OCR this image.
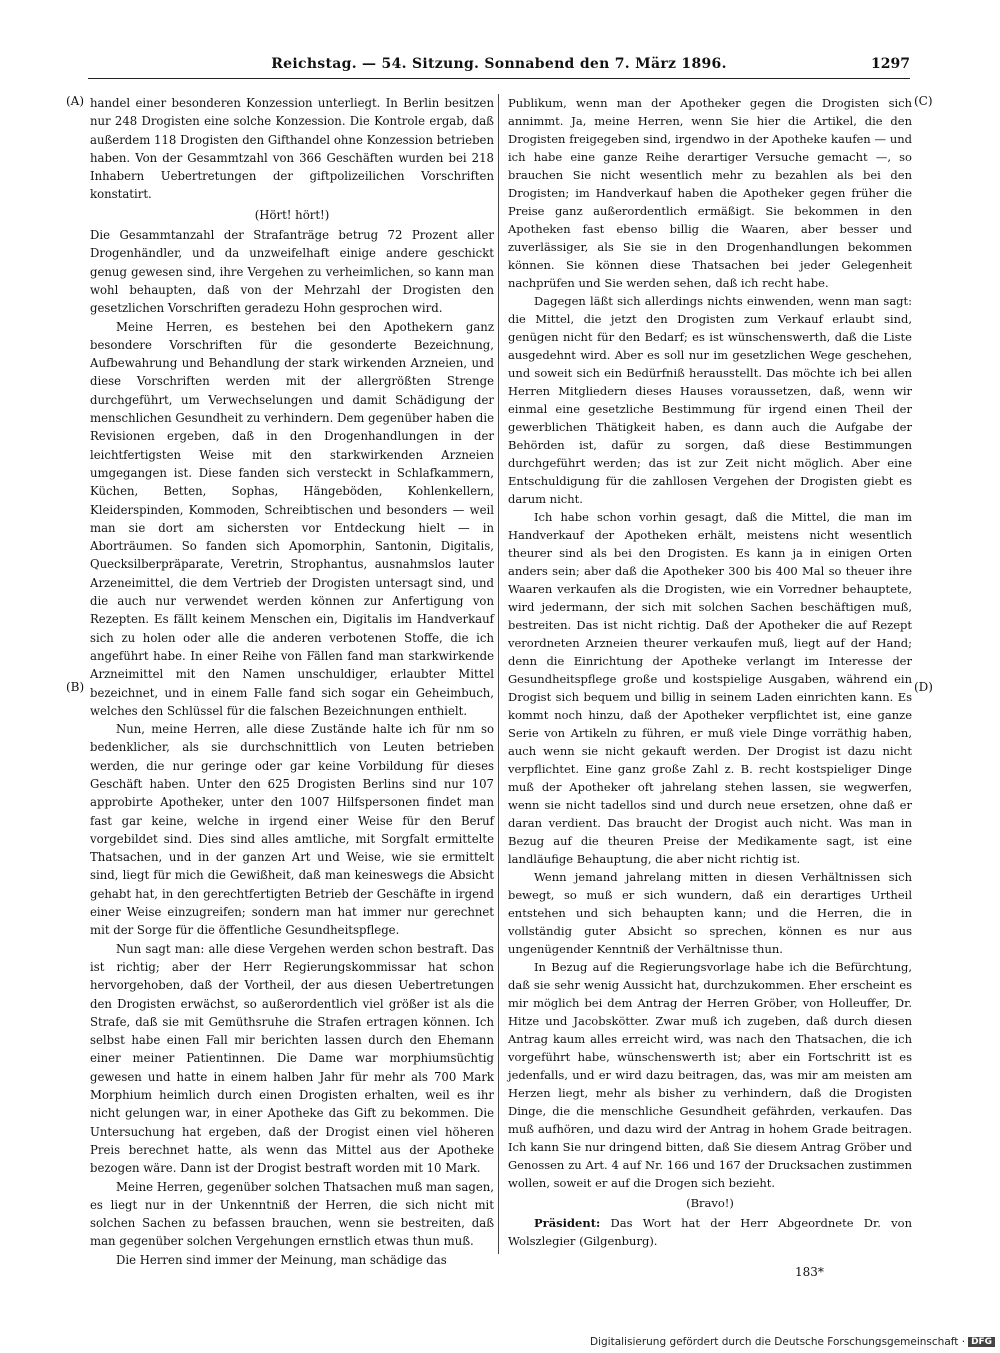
Reichstag. — 54. Sitzung. Sonnabend den 7. März 1896.	1297
(A)
(B)
(C)
(D)

handel einer besonderen Konzession unterliegt. In Berlin besitzen nur 248 Drogisten eine solche Konzession. Die Kontrole ergab, daß außerdem 118 Drogisten den Gifthandel ohne Konzession betrieben haben. Von der Gesammtzahl von 366 Geschäften wurden bei 218 Inhabern Uebertretungen der giftpolizeilichen Vorschriften konstatirt.

(Hört! hört!)

Die Gesammtanzahl der Strafanträge betrug 72 Prozent aller Drogenhändler, und da unzweifelhaft einige andere geschickt genug gewesen sind, ihre Vergehen zu verheimlichen, so kann man wohl behaupten, daß von der Mehrzahl der Drogisten den gesetzlichen Vorschriften geradezu Hohn gesprochen wird.

Meine Herren, es bestehen bei den Apothekern ganz besondere Vorschriften für die gesonderte Bezeichnung, Aufbewahrung und Behandlung der stark wirkenden Arzneien, und diese Vorschriften werden mit der allergrößten Strenge durchgeführt, um Verwechselungen und damit Schädigung der menschlichen Gesundheit zu verhindern. Dem gegenüber haben die Revisionen ergeben, daß in den Drogenhandlungen in der leichtfertigsten Weise mit den starkwirkenden Arzneien umgegangen ist. Diese fanden sich versteckt in Schlafkammern, Küchen, Betten, Sophas, Hängeböden, Kohlenkellern, Kleiderspinden, Kommoden, Schreibtischen und besonders — weil man sie dort am sichersten vor Entdeckung hielt — in Aborträumen. So fanden sich Apomorphin, Santonin, Digitalis, Quecksilberpräparate, Veretrin, Strophantus, ausnahmslos lauter Arzeneimittel, die dem Vertrieb der Drogisten untersagt sind, und die auch nur verwendet werden können zur Anfertigung von Rezepten. Es fällt keinem Menschen ein, Digitalis im Handverkauf sich zu holen oder alle die anderen verbotenen Stoffe, die ich angeführt habe. In einer Reihe von Fällen fand man starkwirkende Arzneimittel mit den Namen unschuldiger, erlaubter Mittel bezeichnet, und in einem Falle fand sich sogar ein Geheimbuch, welches den Schlüssel für die falschen Bezeichnungen enthielt.

Nun, meine Herren, alle diese Zustände halte ich für nm so bedenklicher, als sie durchschnittlich von Leuten betrieben werden, die nur geringe oder gar keine Vorbildung für dieses Geschäft haben. Unter den 625 Drogisten Berlins sind nur 107 approbirte Apotheker, unter den 1007 Hilfspersonen findet man fast gar keine, welche in irgend einer Weise für den Beruf vorgebildet sind. Dies sind alles amtliche, mit Sorgfalt ermittelte Thatsachen, und in der ganzen Art und Weise, wie sie ermittelt sind, liegt für mich die Gewißheit, daß man keineswegs die Absicht gehabt hat, in den gerechtfertigten Betrieb der Geschäfte in irgend einer Weise einzugreifen; sondern man hat immer nur gerechnet mit der Sorge für die öffentliche Gesundheitspflege.

Nun sagt man: alle diese Vergehen werden schon bestraft. Das ist richtig; aber der Herr Regierungskommissar hat schon hervorgehoben, daß der Vortheil, der aus diesen Uebertretungen den Drogisten erwächst, so außerordentlich viel größer ist als die Strafe, daß sie mit Gemüthsruhe die Strafen ertragen können. Ich selbst habe einen Fall mir berichten lassen durch den Ehemann einer meiner Patientinnen. Die Dame war morphiumsüchtig gewesen und hatte in einem halben Jahr für mehr als 700 Mark Morphium heimlich durch einen Drogisten erhalten, weil es ihr nicht gelungen war, in einer Apotheke das Gift zu bekommen. Die Untersuchung hat ergeben, daß der Drogist einen viel höheren Preis berechnet hatte, als wenn das Mittel aus der Apotheke bezogen wäre. Dann ist der Drogist bestraft worden mit 10 Mark.

Meine Herren, gegenüber solchen Thatsachen muß man sagen, es liegt nur in der Unkenntniß der Herren, die sich nicht mit solchen Sachen zu befassen brauchen, wenn sie bestreiten, daß man gegenüber solchen Vergehungen ernstlich etwas thun muß.

Die Herren sind immer der Meinung, man schädige das

Publikum, wenn man der Apotheker gegen die Drogisten sich annimmt. Ja, meine Herren, wenn Sie hier die Artikel, die den Drogisten freigegeben sind, irgendwo in der Apotheke kaufen — und ich habe eine ganze Reihe derartiger Versuche gemacht —, so brauchen Sie nicht wesentlich mehr zu bezahlen als bei den Drogisten; im Handverkauf haben die Apotheker gegen früher die Preise ganz außerordentlich ermäßigt. Sie bekommen in den Apotheken fast ebenso billig die Waaren, aber besser und zuverlässiger, als Sie sie in den Drogenhandlungen bekommen können. Sie können diese Thatsachen bei jeder Gelegenheit nachprüfen und Sie werden sehen, daß ich recht habe.

Dagegen läßt sich allerdings nichts einwenden, wenn man sagt: die Mittel, die jetzt den Drogisten zum Verkauf erlaubt sind, genügen nicht für den Bedarf; es ist wünschenswerth, daß die Liste ausgedehnt wird. Aber es soll nur im gesetzlichen Wege geschehen, und soweit sich ein Bedürfniß herausstellt. Das möchte ich bei allen Herren Mitgliedern dieses Hauses voraussetzen, daß, wenn wir einmal eine gesetzliche Bestimmung für irgend einen Theil der gewerblichen Thätigkeit haben, es dann auch die Aufgabe der Behörden ist, dafür zu sorgen, daß diese Bestimmungen durchgeführt werden; das ist zur Zeit nicht möglich. Aber eine Entschuldigung für die zahllosen Vergehen der Drogisten giebt es darum nicht.

Ich habe schon vorhin gesagt, daß die Mittel, die man im Handverkauf der Apotheken erhält, meistens nicht wesentlich theurer sind als bei den Drogisten. Es kann ja in einigen Orten anders sein; aber daß die Apotheker 300 bis 400 Mal so theuer ihre Waaren verkaufen als die Drogisten, wie ein Vorredner behauptete, wird jedermann, der sich mit solchen Sachen beschäftigen muß, bestreiten. Das ist nicht richtig. Daß der Apotheker die auf Rezept verordneten Arzneien theurer verkaufen muß, liegt auf der Hand; denn die Einrichtung der Apotheke verlangt im Interesse der Gesundheitspflege große und kostspielige Ausgaben, während ein Drogist sich bequem und billig in seinem Laden einrichten kann. Es kommt noch hinzu, daß der Apotheker verpflichtet ist, eine ganze Serie von Artikeln zu führen, er muß viele Dinge vorräthig haben, auch wenn sie nicht gekauft werden. Der Drogist ist dazu nicht verpflichtet. Eine ganz große Zahl z. B. recht kostspieliger Dinge muß der Apotheker oft jahrelang stehen lassen, sie wegwerfen, wenn sie nicht tadellos sind und durch neue ersetzen, ohne daß er daran verdient. Das braucht der Drogist auch nicht. Was man in Bezug auf die theuren Preise der Medikamente sagt, ist eine landläufige Behauptung, die aber nicht richtig ist.

Wenn jemand jahrelang mitten in diesen Verhältnissen sich bewegt, so muß er sich wundern, daß ein derartiges Urtheil entstehen und sich behaupten kann; und die Herren, die in vollständig guter Absicht so sprechen, können es nur aus ungenügender Kenntniß der Verhältnisse thun.

In Bezug auf die Regierungsvorlage habe ich die Befürchtung, daß sie sehr wenig Aussicht hat, durchzukommen. Eher erscheint es mir möglich bei dem Antrag der Herren Gröber, von Holleuffer, Dr. Hitze und Jacobskötter. Zwar muß ich zugeben, daß durch diesen Antrag kaum alles erreicht wird, was nach den Thatsachen, die ich vorgeführt habe, wünschenswerth ist; aber ein Fortschritt ist es jedenfalls, und er wird dazu beitragen, das, was mir am meisten am Herzen liegt, mehr als bisher zu verhindern, daß die Drogisten Dinge, die die menschliche Gesundheit gefährden, verkaufen. Das muß aufhören, und dazu wird der Antrag in hohem Grade beitragen. Ich kann Sie nur dringend bitten, daß Sie diesem Antrag Gröber und Genossen zu Art. 4 auf Nr. 166 und 167 der Drucksachen zustimmen wollen, soweit er auf die Drogen sich bezieht.

(Bravo!)

Präsident: Das Wort hat der Herr Abgeordnete Dr. von Wolszlegier (Gilgenburg).

183*
Digitalisierung gefördert durch die Deutsche Forschungsgemeinschaft · DFG
